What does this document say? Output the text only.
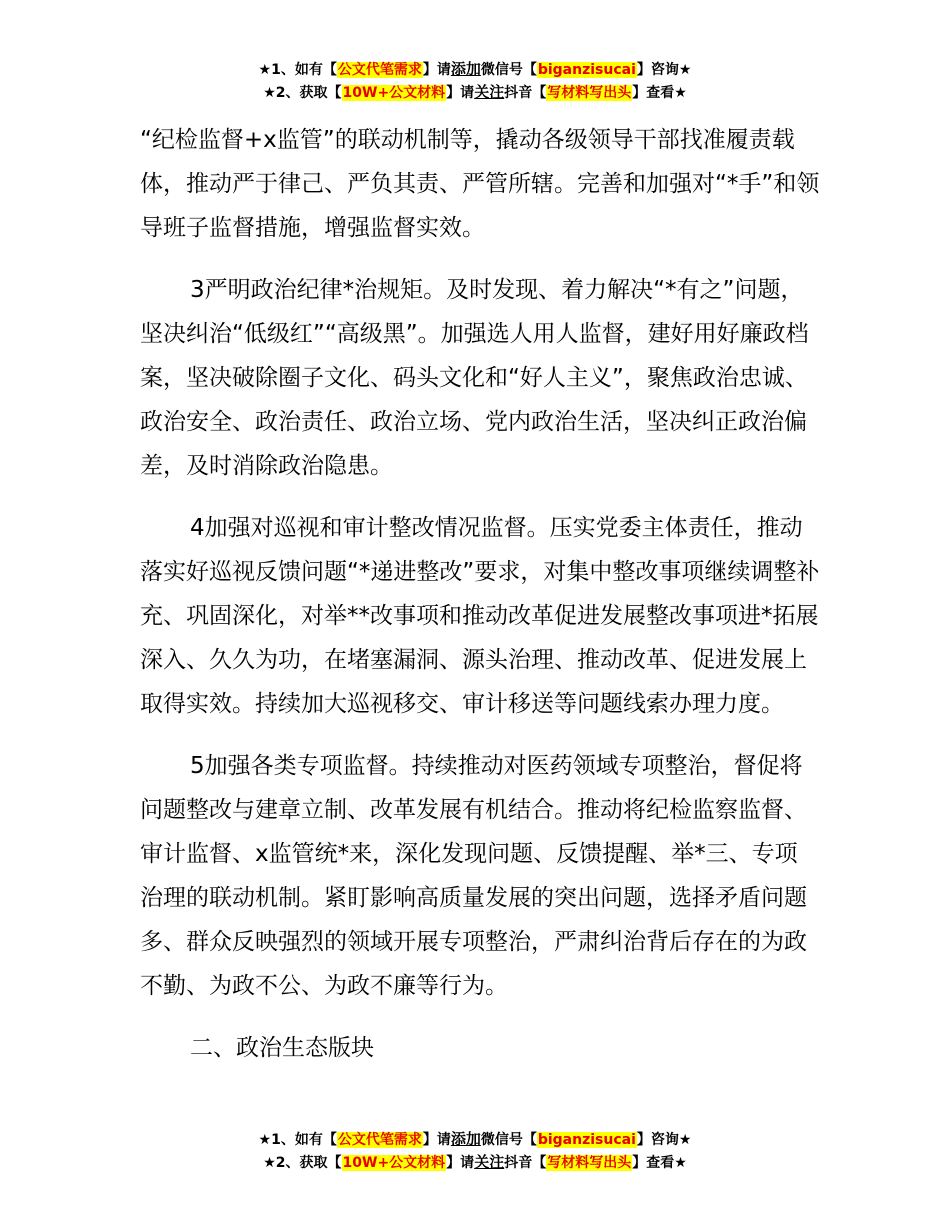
★1、如有【公文代笔需求】请添加微信号【biganzisucai】咨询★
★2、获取【10W+公文材料】请关注抖音【写材料写出头】查看★

“纪检监督+x监管”的联动机制等，撬动各级领导干部找准履责载体，推动严于律己、严负其责、严管所辖。完善和加强对“*手”和领导班子监督措施，增强监督实效。

3严明政治纪律*治规矩。及时发现、着力解决“*有之”问题，坚决纠治“低级红”“高级黑”。加强选人用人监督，建好用好廉政档案，坚决破除圈子文化、码头文化和“好人主义”，聚焦政治忠诚、政治安全、政治责任、政治立场、党内政治生活，坚决纠正政治偏差，及时消除政治隐患。

4加强对巡视和审计整改情况监督。压实党委主体责任，推动落实好巡视反馈问题“*递进整改”要求，对集中整改事项继续调整补充、巩固深化，对举**改事项和推动改革促进发展整改事项进*拓展深入、久久为功，在堵塞漏洞、源头治理、推动改革、促进发展上取得实效。持续加大巡视移交、审计移送等问题线索办理力度。

5加强各类专项监督。持续推动对医药领域专项整治，督促将问题整改与建章立制、改革发展有机结合。推动将纪检监察监督、审计监督、x监管统*来，深化发现问题、反馈提醒、举*三、专项治理的联动机制。紧盯影响高质量发展的突出问题，选择矛盾问题多、群众反映强烈的领域开展专项整治，严肃纠治背后存在的为政不勤、为政不公、为政不廉等行为。

二、政治生态版块

★1、如有【公文代笔需求】请添加微信号【biganzisucai】咨询★
★2、获取【10W+公文材料】请关注抖音【写材料写出头】查看★
